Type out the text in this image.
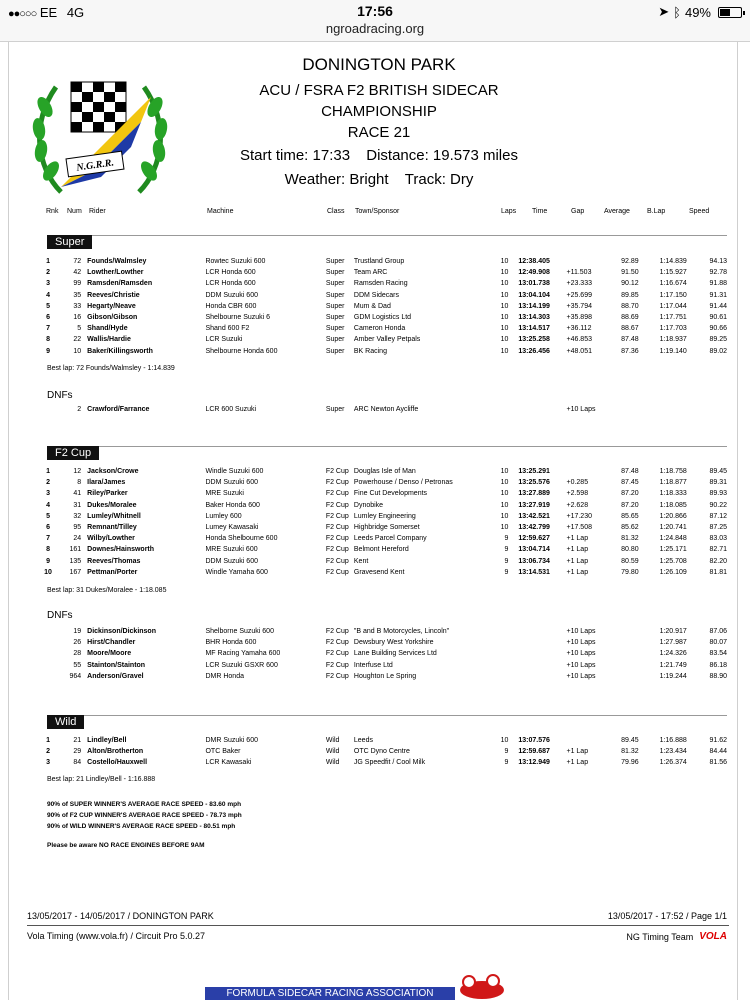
●●○○○ EE 4G	17:56
ngroadracing.org
➤ ᛒ 49%
N.G.R.R.
DONINGTON PARK
ACU / FSRA F2 BRITISH SIDECAR
CHAMPIONSHIP
RACE 21
Start time: 17:33 Distance: 19.573 miles
Weather: Bright Track: Dry
Rnk Num Rider	Machine	Class Town/Sponsor	Laps Time	Gap	Average B.Lap	Speed
Super
1	72	Founds/Walmsley	Rowtec Suzuki 600	Super	Trustland Group	10	12:38.405		92.89	1:14.839	94.13
2	42	Lowther/Lowther	LCR Honda 600	Super	Team ARC	10	12:49.908	+11.503	91.50	1:15.927	92.78
3	99	Ramsden/Ramsden	LCR Honda 600	Super	Ramsden Racing	10	13:01.738	+23.333	90.12	1:16.674	91.88
4	35	Reeves/Christie	DDM Suzuki 600	Super	DDM Sidecars	10	13:04.104	+25.699	89.85	1:17.150	91.31
5	33	Hegarty/Neave	Honda CBR 600	Super	Mum & Dad	10	13:14.199	+35.794	88.70	1:17.044	91.44
6	16	Gibson/Gibson	Shelbourne Suzuki 6	Super	GDM Logistics Ltd	10	13:14.303	+35.898	88.69	1:17.751	90.61
7	5	Shand/Hyde	Shand 600 F2	Super	Cameron Honda	10	13:14.517	+36.112	88.67	1:17.703	90.66
8	22	Wallis/Hardie	LCR Suzuki	Super	Amber Valley Petpals	10	13:25.258	+46.853	87.48	1:18.937	89.25
9	10	Baker/Killingsworth	Shelbourne Honda 600	Super	BK Racing	10	13:26.456	+48.051	87.36	1:19.140	89.02
Best lap: 72 Founds/Walmsley - 1:14.839
DNFs
	2	Crawford/Farrance	LCR 600 Suzuki	Super	ARC Newton Aycliffe			+10 Laps			
F2 Cup
1	12	Jackson/Crowe	Windle Suzuki 600	F2 Cup	Douglas Isle of Man	10	13:25.291		87.48	1:18.758	89.45
2	8	Ilara/James	DDM Suzuki 600	F2 Cup	Powerhouse / Denso / Petronas	10	13:25.576	+0.285	87.45	1:18.877	89.31
3	41	Riley/Parker	MRE Suzuki	F2 Cup	Fine Cut Developments	10	13:27.889	+2.598	87.20	1:18.333	89.93
4	31	Dukes/Moralee	Baker Honda 600	F2 Cup	Dynobike	10	13:27.919	+2.628	87.20	1:18.085	90.22
5	32	Lumley/Whitnell	Lumley 600	F2 Cup	Lumley Engineering	10	13:42.521	+17.230	85.65	1:20.866	87.12
6	95	Remnant/Tilley	Lumey Kawasaki	F2 Cup	Highbridge Somerset	10	13:42.799	+17.508	85.62	1:20.741	87.25
7	24	Wilby/Lowther	Honda Shelbourne 600	F2 Cup	Leeds Parcel Company	9	12:59.627	+1 Lap	81.32	1:24.848	83.03
8	161	Downes/Hainsworth	MRE Suzuki 600	F2 Cup	Belmont Hereford	9	13:04.714	+1 Lap	80.80	1:25.171	82.71
9	135	Reeves/Thomas	DDM Suzuki 600	F2 Cup	Kent	9	13:06.734	+1 Lap	80.59	1:25.708	82.20
10	167	Pettman/Porter	Windle Yamaha 600	F2 Cup	Gravesend Kent	9	13:14.531	+1 Lap	79.80	1:26.109	81.81
Best lap: 31 Dukes/Moralee - 1:18.085
DNFs
	19	Dickinson/Dickinson	Shelborne Suzuki 600	F2 Cup	"B and B Motorcycles, Lincoln"			+10 Laps		1:20.917	87.06
	26	Hirst/Chandler	BHR Honda 600	F2 Cup	Dewsbury West Yorkshire			+10 Laps		1:27.987	80.07
	28	Moore/Moore	MF Racing Yamaha 600	F2 Cup	Lane Building Services Ltd			+10 Laps		1:24.326	83.54
	55	Stainton/Stainton	LCR Suzuki GSXR 600	F2 Cup	Interfuse Ltd			+10 Laps		1:21.749	86.18
	964	Anderson/Gravel	DMR Honda	F2 Cup	Houghton Le Spring			+10 Laps		1:19.244	88.90
Wild
1	21	Lindley/Bell	DMR Suzuki 600	Wild	Leeds	10	13:07.576		89.45	1:16.888	91.62
2	29	Alton/Brotherton	OTC Baker	Wild	OTC Dyno Centre	9	12:59.687	+1 Lap	81.32	1:23.434	84.44
3	84	Costello/Hauxwell	LCR Kawasaki	Wild	JG Speedfit / Cool Milk	9	13:12.949	+1 Lap	79.96	1:26.374	81.56
Best lap: 21 Lindley/Bell - 1:16.888
90% of SUPER WINNER'S AVERAGE RACE SPEED - 83.60 mph
90% of F2 CUP WINNER'S AVERAGE RACE SPEED - 78.73 mph
90% of WILD WINNER'S AVERAGE RACE SPEED - 80.51 mph
Please be aware NO RACE ENGINES BEFORE 9AM
13/05/2017 - 14/05/2017 / DONINGTON PARK	13/05/2017 - 17:52 / Page 1/1
Vola Timing (www.vola.fr) / Circuit Pro 5.0.27	NG Timing Team VOLA
FORMULA SIDECAR RACING ASSOCIATION
